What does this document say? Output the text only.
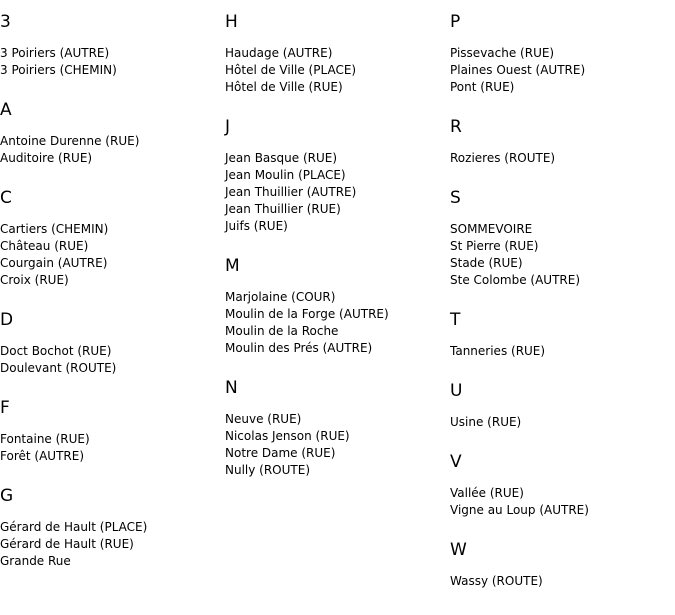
3
3 Poiriers (AUTRE)
3 Poiriers (CHEMIN)
A
Antoine Durenne (RUE)
Auditoire (RUE)
C
Cartiers (CHEMIN)
Château (RUE)
Courgain (AUTRE)
Croix (RUE)
D
Doct Bochot (RUE)
Doulevant (ROUTE)
F
Fontaine (RUE)
Forêt (AUTRE)
G
Gérard de Hault (PLACE)
Gérard de Hault (RUE)
Grande Rue
H
Haudage (AUTRE)
Hôtel de Ville (PLACE)
Hôtel de Ville (RUE)
J
Jean Basque (RUE)
Jean Moulin (PLACE)
Jean Thuillier (AUTRE)
Jean Thuillier (RUE)
Juifs (RUE)
M
Marjolaine (COUR)
Moulin de la Forge (AUTRE)
Moulin de la Roche
Moulin des Prés (AUTRE)
N
Neuve (RUE)
Nicolas Jenson (RUE)
Notre Dame (RUE)
Nully (ROUTE)
P
Pissevache (RUE)
Plaines Ouest (AUTRE)
Pont (RUE)
R
Rozieres (ROUTE)
S
SOMMEVOIRE
St Pierre (RUE)
Stade (RUE)
Ste Colombe (AUTRE)
T
Tanneries (RUE)
U
Usine (RUE)
V
Vallée (RUE)
Vigne au Loup (AUTRE)
W
Wassy (ROUTE)
